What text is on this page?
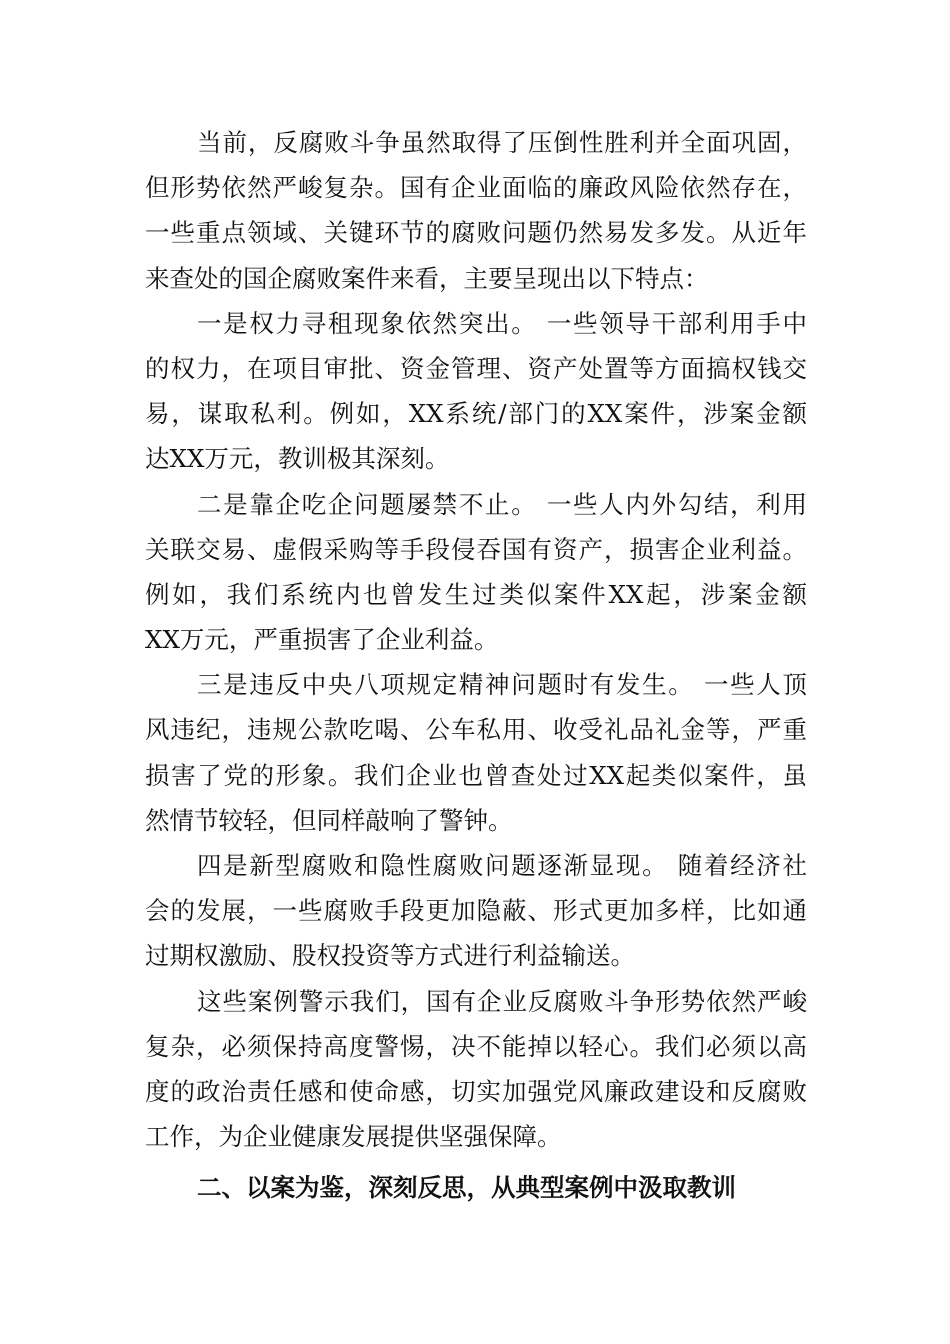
当前，反腐败斗争虽然取得了压倒性胜利并全面巩固，
但形势依然严峻复杂。国有企业面临的廉政风险依然存在，
一些重点领域、关键环节的腐败问题仍然易发多发。从近年
来查处的国企腐败案件来看，主要呈现出以下特点：
一是权力寻租现象依然突出。 一些领导干部利用手中
的权力，在项目审批、资金管理、资产处置等方面搞权钱交
易，谋取私利。例如，XX系统/部门的XX案件，涉案金额
达XX万元，教训极其深刻。
二是靠企吃企问题屡禁不止。 一些人内外勾结，利用
关联交易、虚假采购等手段侵吞国有资产，损害企业利益。
例如，我们系统内也曾发生过类似案件XX起，涉案金额
XX万元，严重损害了企业利益。
三是违反中央八项规定精神问题时有发生。 一些人顶
风违纪，违规公款吃喝、公车私用、收受礼品礼金等，严重
损害了党的形象。我们企业也曾查处过XX起类似案件，虽
然情节较轻，但同样敲响了警钟。
四是新型腐败和隐性腐败问题逐渐显现。 随着经济社
会的发展，一些腐败手段更加隐蔽、形式更加多样，比如通
过期权激励、股权投资等方式进行利益输送。
这些案例警示我们，国有企业反腐败斗争形势依然严峻
复杂，必须保持高度警惕，决不能掉以轻心。我们必须以高
度的政治责任感和使命感，切实加强党风廉政建设和反腐败
工作，为企业健康发展提供坚强保障。
二、以案为鉴，深刻反思，从典型案例中汲取教训
